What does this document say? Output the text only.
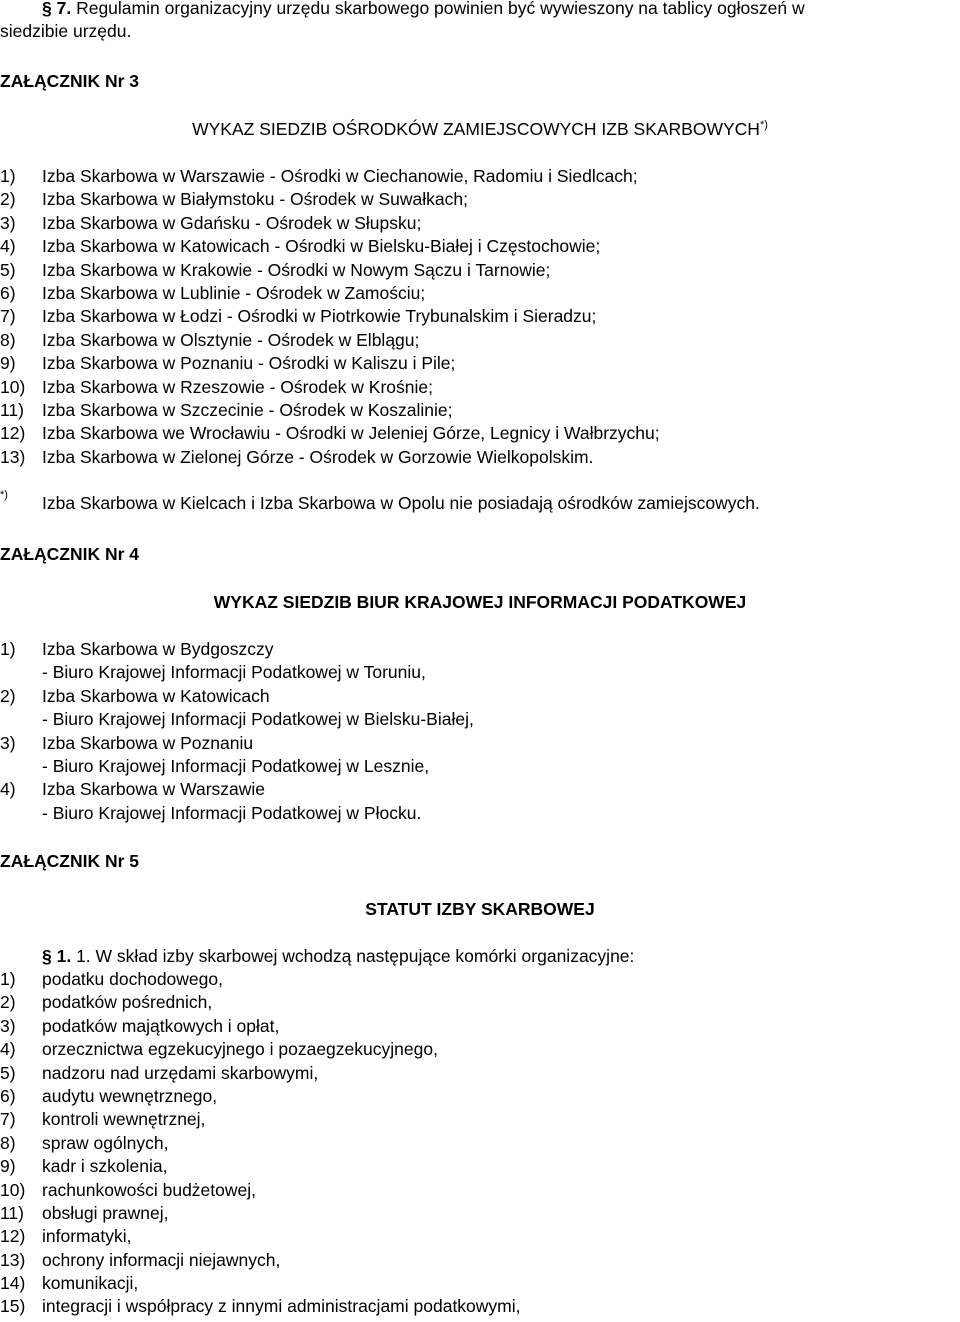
§ 7. Regulamin organizacyjny urzędu skarbowego powinien być wywieszony na tablicy ogłoszeń w
siedzibie urzędu.
ZAŁĄCZNIK Nr 3
WYKAZ SIEDZIB OŚRODKÓW ZAMIEJSCOWYCH IZB SKARBOWYCH*)
1) Izba Skarbowa w Warszawie - Ośrodki w Ciechanowie, Radomiu i Siedlcach;
2) Izba Skarbowa w Białymstoku - Ośrodek w Suwałkach;
3) Izba Skarbowa w Gdańsku - Ośrodek w Słupsku;
4) Izba Skarbowa w Katowicach - Ośrodki w Bielsku-Białej i Częstochowie;
5) Izba Skarbowa w Krakowie - Ośrodki w Nowym Sączu i Tarnowie;
6) Izba Skarbowa w Lublinie - Ośrodek w Zamościu;
7) Izba Skarbowa w Łodzi - Ośrodki w Piotrkowie Trybunalskim i Sieradzu;
8) Izba Skarbowa w Olsztynie - Ośrodek w Elblągu;
9) Izba Skarbowa w Poznaniu - Ośrodki w Kaliszu i Pile;
10) Izba Skarbowa w Rzeszowie - Ośrodek w Krośnie;
11) Izba Skarbowa w Szczecinie - Ośrodek w Koszalinie;
12) Izba Skarbowa we Wrocławiu - Ośrodki w Jeleniej Górze, Legnicy i Wałbrzychu;
13) Izba Skarbowa w Zielonej Górze - Ośrodek w Gorzowie Wielkopolskim.
*) Izba Skarbowa w Kielcach i Izba Skarbowa w Opolu nie posiadają ośrodków zamiejscowych.
ZAŁĄCZNIK Nr 4
WYKAZ SIEDZIB BIUR KRAJOWEJ INFORMACJI PODATKOWEJ
1) Izba Skarbowa w Bydgoszczy
- Biuro Krajowej Informacji Podatkowej w Toruniu,
2) Izba Skarbowa w Katowicach
- Biuro Krajowej Informacji Podatkowej w Bielsku-Białej,
3) Izba Skarbowa w Poznaniu
- Biuro Krajowej Informacji Podatkowej w Lesznie,
4) Izba Skarbowa w Warszawie
- Biuro Krajowej Informacji Podatkowej w Płocku.
ZAŁĄCZNIK Nr 5
STATUT IZBY SKARBOWEJ
§ 1. 1. W skład izby skarbowej wchodzą następujące komórki organizacyjne:
1) podatku dochodowego,
2) podatków pośrednich,
3) podatków majątkowych i opłat,
4) orzecznictwa egzekucyjnego i pozaegzekucyjnego,
5) nadzoru nad urzędami skarbowymi,
6) audytu wewnętrznego,
7) kontroli wewnętrznej,
8) spraw ogólnych,
9) kadr i szkolenia,
10) rachunkowości budżetowej,
11) obsługi prawnej,
12) informatyki,
13) ochrony informacji niejawnych,
14) komunikacji,
15) integracji i współpracy z innymi administracjami podatkowymi,
